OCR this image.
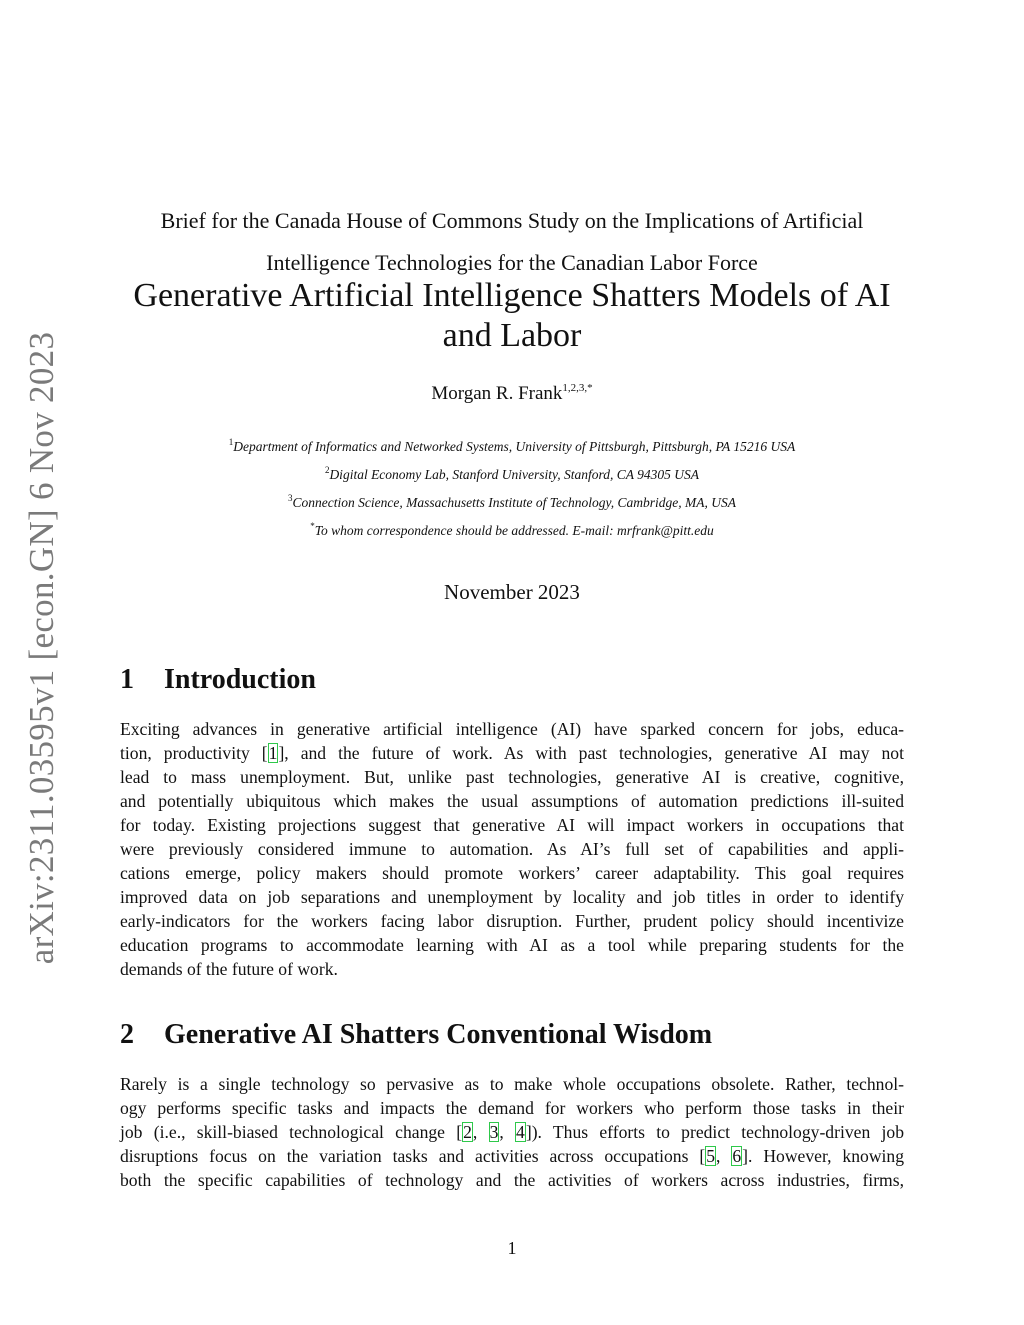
arXiv:2311.03595v1 [econ.GN] 6 Nov 2023
Brief for the Canada House of Commons Study on the Implications of Artificial
Intelligence Technologies for the Canadian Labor Force
Generative Artificial Intelligence Shatters Models of AI
and Labor
Morgan R. Frank$^{1,2,3,*}$
$^1$Department of Informatics and Networked Systems, University of Pittsburgh, Pittsburgh, PA 15216 USA
$^2$Digital Economy Lab, Stanford University, Stanford, CA 94305 USA
$^3$Connection Science, Massachusetts Institute of Technology, Cambridge, MA, USA
*To whom correspondence should be addressed. E-mail: mrfrank@pitt.edu
November 2023
1 Introduction
Exciting advances in generative artificial intelligence (AI) have sparked concern for jobs, educa-
tion, productivity [1], and the future of work. As with past technologies, generative AI may not
lead to mass unemployment. But, unlike past technologies, generative AI is creative, cognitive,
and potentially ubiquitous which makes the usual assumptions of automation predictions ill-suited
for today. Existing projections suggest that generative AI will impact workers in occupations that
were previously considered immune to automation. As AI’s full set of capabilities and appli-
cations emerge, policy makers should promote workers’ career adaptability. This goal requires
improved data on job separations and unemployment by locality and job titles in order to identify
early-indicators for the workers facing labor disruption. Further, prudent policy should incentivize
education programs to accommodate learning with AI as a tool while preparing students for the
demands of the future of work.
2 Generative AI Shatters Conventional Wisdom
Rarely is a single technology so pervasive as to make whole occupations obsolete. Rather, technol-
ogy performs specific tasks and impacts the demand for workers who perform those tasks in their
job (i.e., skill-biased technological change [2, 3, 4]). Thus efforts to predict technology-driven job
disruptions focus on the variation tasks and activities across occupations [5, 6]. However, knowing
both the specific capabilities of technology and the activities of workers across industries, firms,
1
